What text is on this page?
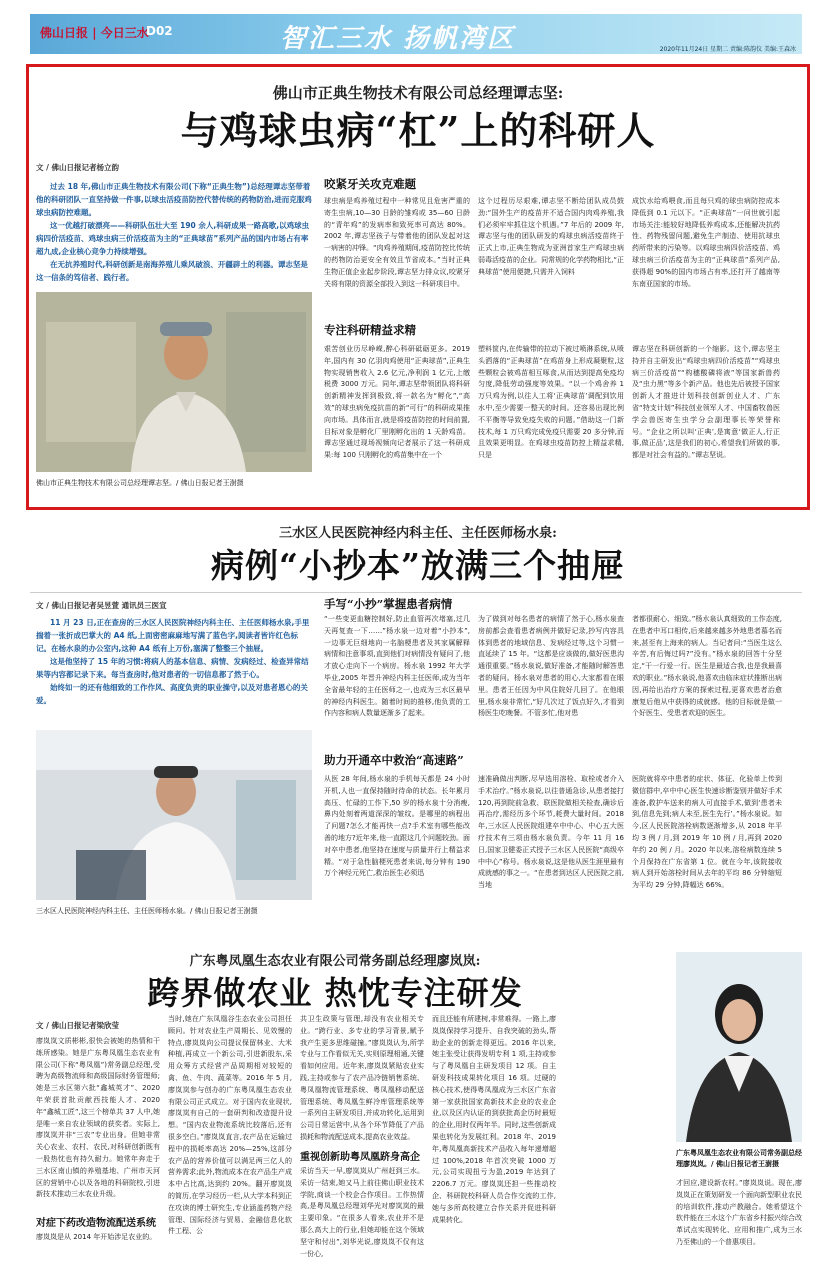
佛山日报 | 今日三水
D02	智汇三水 扬帆湾区	2020年11月24日 星期二 责编:陈韵仪 美编:王森冰
佛山市正典生物技术有限公司总经理谭志坚:
与鸡球虫病“杠”上的科研人
文 / 佛山日报记者杨立韵

过去 18 年,佛山市正典生物技术有限公司(下称“正典生物”)总经理谭志坚带着他的科研团队一直坚持做一件事,以球虫活疫苗防控代替传统的药物防治,进而克服鸡球虫病防控难题。

这一优越打破漂亮——科研队伍壮大至 190 余人,科研成果一路高歌,以鸡球虫病四价活疫苗、鸡球虫病三价活疫苗为主的“正典球苗”系列产品的国内市场占有率超九成,企业核心竞争力持续增强。

在无抗养殖时代,科研创新是南海养殖儿乘风破浪、开疆辟土的利器。谭志坚是这一信条的笃信者、践行者。

佛山市正典生物技术有限公司总经理谭志坚。/ 佛山日报记者王澍摄
咬紧牙关攻克难题
球虫病是鸡养殖过程中一种常见且危害严重的寄生虫病,10—30 日龄的雏鸡或 35—60 日龄的“青年鸡”的发病率和致死率可高达 80%。2002 年,谭志坚孩子与带着他的团队发起对这一病害的冲锋。“肉鸡养殖期间,疫苗防控比传统的药物防治更安全有效且节省成本。”当时正典生物正值企业起步阶段,谭志坚力排众议,咬紧牙关将有限的资源全部投入到这一科研项目中。
这个过程历尽艰难,谭志坚不断给团队成员鼓劲:“国外生产的疫苗并不适合国内肉鸡养殖,我们必须牢牢抓住这个机遇。”7 年后的 2009 年,谭志坚与他的团队研发的鸡球虫病活疫苗终于正式上市,正典生物成为亚洲首家生产鸡球虫病弱毒活疫苗的企业。同常规的化学药物相比,“正典球苗”使用便捷,只需并入饲料
成饮水给鸡喂食,而且每只鸡的球虫病防控成本降低到 0.1 元以下。“正典球苗”一问世就引起市场关注:能较好地降低养鸡成本,还能解决抗药性、药物残留问题,避免生产制造、使用抗球虫药所带来的污染等。以鸡球虫病四价活疫苗、鸡球虫病三价活疫苗为主的“正典球苗”系列产品,获得超 90%的国内市场占有率,还打开了越南等东南亚国家的市场。
专注科研精益求精
艰苦创业历尽峥嵘,醉心科研砥砺更多。2019 年,国内有 30 亿羽肉鸡使用“正典球苗”,正典生物实现销售收入 2.6 亿元,净利润 1 亿元,上缴税费 3000 万元。同年,谭志坚带领团队将科研创新精神发挥到极致,将一款名为“孵化”,“高效”的球虫病免疫抗苗的新“可行”的科研成果推向市场。具体而言,就是将疫苗防控的时间前置,目标对象是孵化厂里刚孵化出的 1 天龄鸡苗。谭志坚通过现场视频向记者展示了这一科研成果:每 100 只刚孵化的鸡苗集中在一个
塑料筐内,在传输带的拉动下被过喷淋系统,从喷头洒落的“正典球苗”在鸡苗身上形成凝聚粒,这些颗粒会被鸡苗相互啄食,从而达到提高免疫均匀度,降低劳动强度等效果。“以一个鸡舍养 1 万只鸡为例,以往人工将‘正典球苗’调配到饮用水中,至少需要一整天的时间。还容易出现比例不平衡等导致免疫失败的问题。”借助这一门新技术,每 1 万只鸡完成免疫只需要 20 多分钟,而且效果更明显。在鸡球虫疫苗防控上精益求精,只是
谭志坚在科研创新的一个缩影。这个,谭志坚主持并自主研发出“鸡球虫病四价活疫苗”“鸡球虫病三价活疫苗”“构穗酸磷将液”等国家新兽药及“虫力黑”等多个新产品。他也先后被授予国家创新人才推进计划科技创新创业人才、广东省“特支计划”科技创业领军人才、中国畜牧兽医学会兽医寄生虫学分会副理事长等荣誉称号。“企业之所以叫‘正典’,是寓意‘做正人,行正事,做正品’,这是我们的初心,希望我们所做的事,都是对社会有益的。”谭志坚说。
三水区人民医院神经内科主任、主任医师杨水泉:
病例“小抄本”放满三个抽屉
文 / 佛山日报记者吴昱萱 通讯员三医宣

11 月 23 日,正在查房的三水区人民医院神经内科主任、主任医师杨水泉,手里揣着一张折成巴掌大的 A4 纸,上面密密麻麻地写满了蓝色字,阅读者皆许红色标记。在杨水泉的办公室内,这种 A4 纸有上万份,塞满了整整三个抽屉。

这是他坚持了 15 年的习惯:将病人的基本信息、病情、发病经过、检查异常结果等内容都记录下来。每当查房时,他对患者的一切信息都了然于心。

始终如一的还有他细致的工作作风、高度负责的职业操守,以及对患者恩心的关爱。

三水区人民医院神经内科主任、主任医师杨水泉。/ 佛山日报记者王澍摄
手写“小抄”掌握患者病情
“一些变更血糖控制好,防止血管再次堵塞,过几天再复查一下……”杨水泉一边对着“小抄本”,一边事无巨细地向一名脑梗患者及其家属解释病情和注意事项,直到他们对病情没有疑问了,他才放心走向下一个病房。杨水泉 1992 年大学毕业,2005 年晋升神经内科主任医师,成为当年全省最年轻的主任医师之一,也成为三水区最早的神经内科医生。随着时间的推移,他负责的工作内容和病人数量逐渐多了起来。
为了做到对每名患者的病情了然于心,杨水泉查房前都会查看患者病例并做好记录,抄写内容具体到患者的地域信息、发病经过等,这个习惯一直延续了 15 年。“这都是应该做的,做好医患沟通很重要。”杨水泉说,做好准备,才能随时解答患者的疑问。杨水泉对患者的用心,大家都看在眼里。患者王任因为中风住院好几回了。在他眼里,杨水泉非常忙,“好几次过了饭点好久,才看到杨医生吃晚餐。不管多忙,他对患
者都很耐心、细致。”杨水泉认真细致的工作态度,在患者中耳口相传,后来越来越多外地患者慕名而来,甚至有上海来的病人。当记者问:“当医生这么辛苦,有后悔过吗?”没有。”杨水泉的回答十分坚定,“干一行爱一行。医生是最适合我,也是我最喜欢的职业。”杨水泉说,他喜欢由临床症状推断出病因,再给出治疗方案的探索过程,更喜欢患者治愈康复后他从中获得的成就感。他的目标就是做一个好医生、受患者欢迎的医生。
助力开通卒中救治“高速路”
从医 28 年间,杨水泉的手机每天都是 24 小时开机,人也一直保持随时待命的状态。长年累月高压、忙碌的工作下,50 岁的杨水泉十分消瘦,鼻内处刻着两道深深的皱纹。是哪里的病程出了问题?怎么才能再快一点?手术室有哪些能改善的地方?近年来,他一直跟这几个问题较劲。面对卒中患者,他坚持在速度与质量并行上精益求精。“对于急性脑梗死患者来说,每分钟有 190 万个神经元死亡,救治医生必须迅
速准确做出判断,尽早选用溶栓、取栓或者介入手术治疗。”杨水泉说,以往普通急诊,从患者接打 120,再到院前急救、联医院做相关检查,确诊后再治疗,需经历多个环节,耗费大量时间。2018 年,三水区人民医院组建卒中中心、中心五大医疗技术有三项由杨水泉负责。今年 11 月 16 日,国家卫健委正式授予三水区人民医院“高级卒中中心”称号。杨水泉说,这是他从医生涯里最有成就感的事之一。“在患者到达区人民医院之前,当地
医院就将卒中患者的症状、体征、化验单上传到微信群中,卒中中心医生快速诊断鉴别并做好手术准备,救护车送来的病人可直接手术,做到‘患者未到,信息先到;病人未至,医生先行’。”杨水泉说。如今,区人民医院溶栓病数逐渐增多,从 2018 年平均 3 例 / 月,到 2019 年 10 例 / 月,再到 2020 年约 20 例 / 月。2020 年以来,溶栓病数连续 5 个月保持在广东省第 1 位。就在今年,该院接收病人到开始溶栓时间从去年的平均 86 分钟缩短为平均 29 分钟,降幅达 66%。
广东粤凤凰生态农业有限公司常务副总经理廖岚岚:
跨界做农业 热忱专注研发
文 / 佛山日报记者梁欣莹
廖岚岚文质彬彬,很快会被她的热情和干练所感染。她是广东粤凤凰生态农业有限公司(下称“粤凤凰”)常务副总经理,受聘为高级物流师和高级国际财务管理师;她是三水区第六批“鑫城英才”、2020 年荣获首批贡献西技能人才、2020 年“鑫城工匠”,这三个榜单共 37 人中,她是唯一来自农业领域的获奖者。实际上,廖岚岚并非“三农”专业出身。但她非常关心农业、农村、农民,对科研创新既有一股热忱也有持久耐力。她常年奔走于三水区南山镇的养殖基地、广州市天河区的营销中心以及各地的科研院校,引进新技术推动三水农业升级。
对症下药改造物流配送系统
廖岚岚是从 2014 年开始涉足农业的。
当时,她在广东凤凰谷生态农业公司担任顾问。针对农业生产周期长、见效慢的特点,廖岚岚向公司提议保留林业、大米种植,再成立一个新公司,引进新股东,采用众筹方式经营产品周期相对较短的禽、鱼、牛肉、蔬菜等。2016 年 5 月,廖岚岚参与创办的广东粤凤凰生态农业有限公司正式成立。对于国内农业现状,廖岚岚有自己的一套研判和改造提升设想。“国内农业物流系统比较落后,还有很多空白。”廖岚岚直言,农产品在运输过程中的损耗率高达 20%—25%,这部分农产品的营养价值可以满足两三亿人的营养需求;此外,物流成本在农产品生产成本中占比高,达到约 20%。翻开廖岚岚的简历,在学习经历一栏,从大学本科到正在攻读的博士研究生,专业涵盖药物产经管理、国际经济与贸易、金融信息化软件工程、公
共卫生政策与管理,却没有农业相关专业。“跨行业、多专业的学习背景,赋予我产生更多思维碰撞。”廖岚岚认为,所学专业与工作看似无关,实则原理相通,关键看如何应用。近年来,廖岚岚紧贴农业实践,主持或参与了农产品冷链销售系统、粤凤凰物流管理系统、粤凤凰移动配送管理系统、粤凤凰生鲜冷库管理系统等一系列自主研发项目,并成功转化,运用到公司日常运营中,从各个环节降低了产品损耗和物流配送成本,提高农业效益。
重视创新助粤凤凰跻身高企
采访当天一早,廖岚岚从广州赶到三水。采访一结束,她又马上前往佛山职业技术学院,商谈一个校企合作项目。工作热情高,是粤凤凰总经理刘华光对廖岚岚的最主要印象。“在很多人看来,农业并不是那么高大上的行业,但她却能在这个领域坚守和付出”,刘华光说,廖岚岚不仅有这一份心,
而且还能有所建树,非常难得。一路上,廖岚岚保持学习提升、自我突破的劲头,帮助企业的创新走得更远。2016 年以来,她主张受让获得发明专利 1 项,主持或参与了粤凤凰自主研发项目 12 项。自主研发科技成果转化项目 16 项。过硬的核心技术,使得粤凤凰成为三水区广东省第一家获批国家高新技术企业的农业企业,以及区内认证的到获批高企历时最短的企业,用时仅两年半。同时,这些创新成果也转化为发展红利。2018 年、2019 年,粤凤凰高新技术产品收入每年递增超过 100%,2018 年首次突破 1000 万元,公司实现扭亏为盈,2019 年达到了 2206.7 万元。廖岚岚还担一些推动校企、科研院校科研人员合作交流的工作,她与多所高校建立合作关系并促进科研成果转化。
广东粤凤凰生态农业有限公司常务副总经理廖岚岚。/ 佛山日报记者王澍摄
才回应,建设新农村。”廖岚岚说。现在,廖岚岚正在策划研发一个面向新型职业农民的培训软件,推动产教融合。她希望这个软件能在三水这个广东省乡村振兴综合改革试点实现转化、应用和推广,成为三水乃至佛山的一个普惠项目。
